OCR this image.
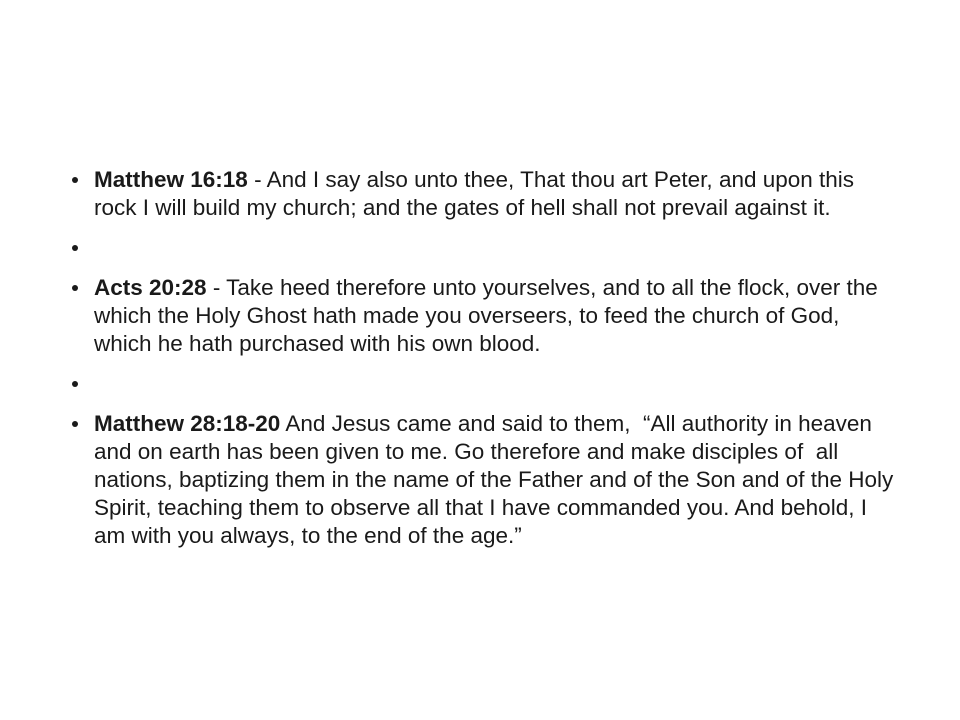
Matthew 16:18 - And I say also unto thee, That thou art Peter, and upon this rock I will build my church; and the gates of hell shall not prevail against it.
Acts 20:28 - Take heed therefore unto yourselves, and to all the flock, over the which the Holy Ghost hath made you overseers, to feed the church of God, which he hath purchased with his own blood.
Matthew 28:18-20 And Jesus came and said to them,  “All authority in heaven and on earth has been given to me. Go therefore and make disciples of  all nations, baptizing them in the name of the Father and of the Son and of the Holy Spirit, teaching them to observe all that I have commanded you. And behold, I am with you always, to the end of the age.”
